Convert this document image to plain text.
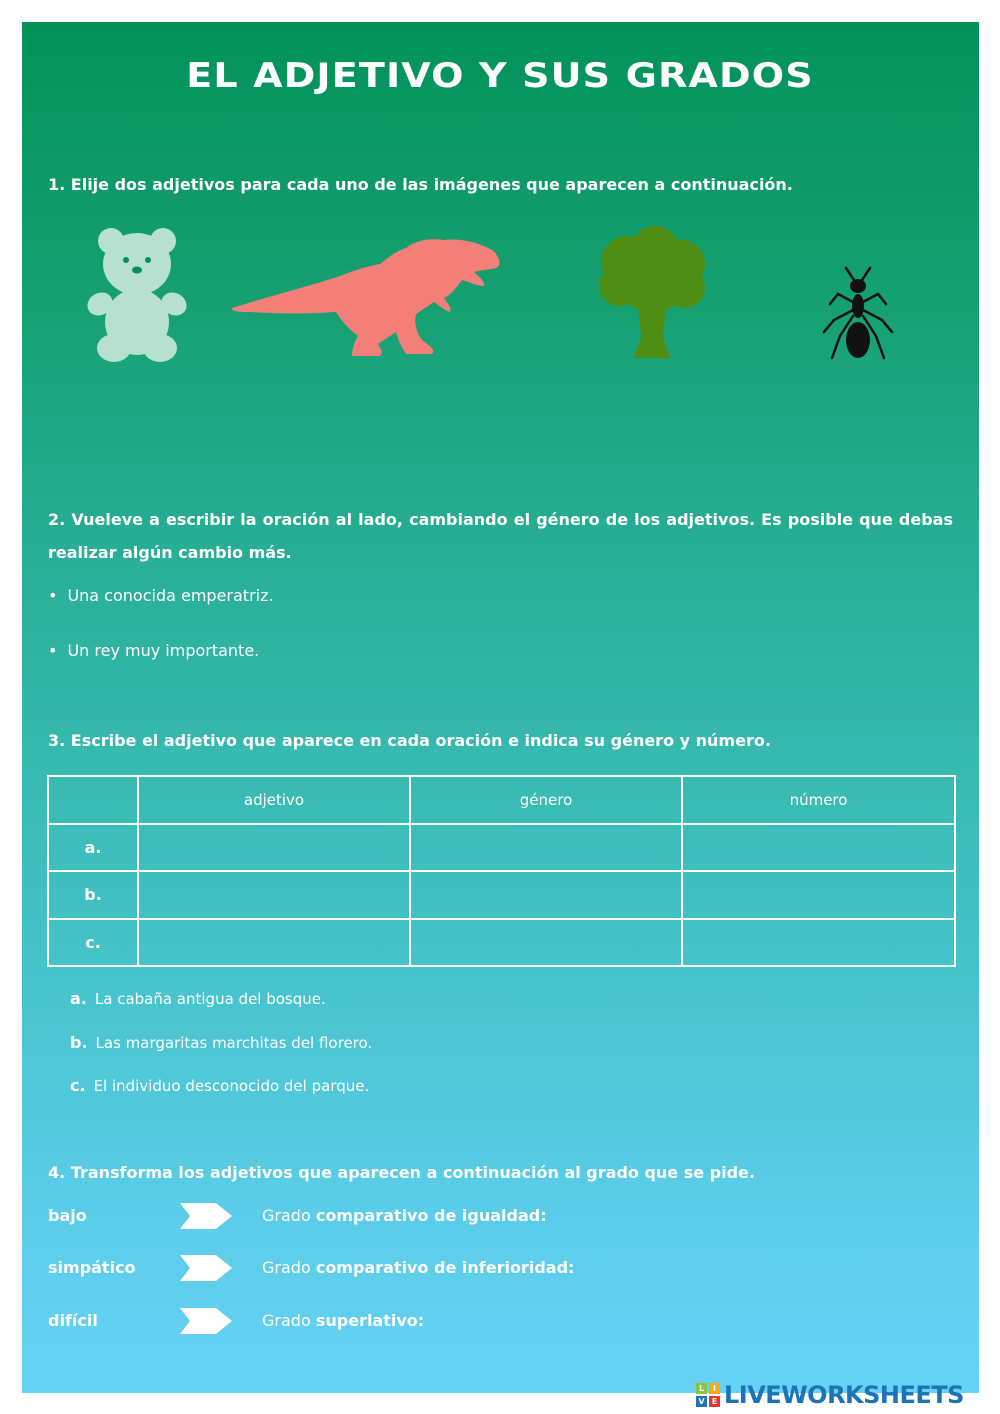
EL ADJETIVO Y SUS GRADOS
1. Elije dos adjetivos para cada uno de las imágenes que aparecen a continuación.
2. Vueleve a escribir la oración al lado, cambiando el género de los adjetivos. Es posible que debas realizar algún cambio más.
• Una conocida emperatriz.
• Un rey muy importante.
3. Escribe el adjetivo que aparece en cada oración e indica su género y número.
	adjetivo	género	número
a.			
b.			
c.			
a. La cabaña antigua del bosque.
b. Las margaritas marchitas del florero.
c. El individuo desconocido del parque.
4. Transforma los adjetivos que aparecen a continuación al grado que se pide.
bajo	Grado comparativo de igualdad:
simpático	Grado comparativo de inferioridad:
difícil	Grado superlativo:
L	I
V E LIVEWORKSHEETS
